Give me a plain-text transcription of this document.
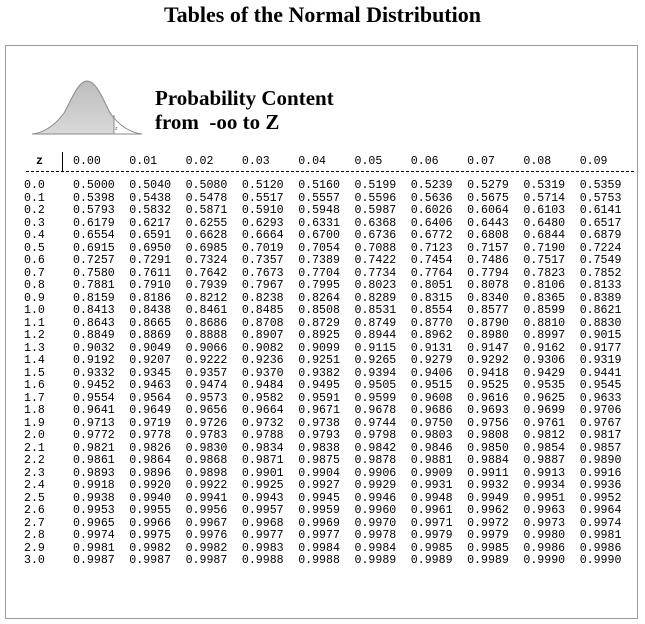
Tables of the Normal Distribution
z
Probability Content
from  -oo to Z

z	0.00 0.01 0.02 0.03 0.04 0.05 0.06 0.07 0.08 0.09
0.0 0.5000 0.5040 0.5080 0.5120 0.5160 0.5199 0.5239 0.5279 0.5319 0.5359
0.1 0.5398 0.5438 0.5478 0.5517 0.5557 0.5596 0.5636 0.5675 0.5714 0.5753
0.2 0.5793 0.5832 0.5871 0.5910 0.5948 0.5987 0.6026 0.6064 0.6103 0.6141
0.3 0.6179 0.6217 0.6255 0.6293 0.6331 0.6368 0.6406 0.6443 0.6480 0.6517
0.4 0.6554 0.6591 0.6628 0.6664 0.6700 0.6736 0.6772 0.6808 0.6844 0.6879
0.5 0.6915 0.6950 0.6985 0.7019 0.7054 0.7088 0.7123 0.7157 0.7190 0.7224
0.6 0.7257 0.7291 0.7324 0.7357 0.7389 0.7422 0.7454 0.7486 0.7517 0.7549
0.7 0.7580 0.7611 0.7642 0.7673 0.7704 0.7734 0.7764 0.7794 0.7823 0.7852
0.8 0.7881 0.7910 0.7939 0.7967 0.7995 0.8023 0.8051 0.8078 0.8106 0.8133
0.9 0.8159 0.8186 0.8212 0.8238 0.8264 0.8289 0.8315 0.8340 0.8365 0.8389
1.0 0.8413 0.8438 0.8461 0.8485 0.8508 0.8531 0.8554 0.8577 0.8599 0.8621
1.1 0.8643 0.8665 0.8686 0.8708 0.8729 0.8749 0.8770 0.8790 0.8810 0.8830
1.2 0.8849 0.8869 0.8888 0.8907 0.8925 0.8944 0.8962 0.8980 0.8997 0.9015
1.3 0.9032 0.9049 0.9066 0.9082 0.9099 0.9115 0.9131 0.9147 0.9162 0.9177
1.4 0.9192 0.9207 0.9222 0.9236 0.9251 0.9265 0.9279 0.9292 0.9306 0.9319
1.5 0.9332 0.9345 0.9357 0.9370 0.9382 0.9394 0.9406 0.9418 0.9429 0.9441
1.6 0.9452 0.9463 0.9474 0.9484 0.9495 0.9505 0.9515 0.9525 0.9535 0.9545
1.7 0.9554 0.9564 0.9573 0.9582 0.9591 0.9599 0.9608 0.9616 0.9625 0.9633
1.8 0.9641 0.9649 0.9656 0.9664 0.9671 0.9678 0.9686 0.9693 0.9699 0.9706
1.9 0.9713 0.9719 0.9726 0.9732 0.9738 0.9744 0.9750 0.9756 0.9761 0.9767
2.0 0.9772 0.9778 0.9783 0.9788 0.9793 0.9798 0.9803 0.9808 0.9812 0.9817
2.1 0.9821 0.9826 0.9830 0.9834 0.9838 0.9842 0.9846 0.9850 0.9854 0.9857
2.2 0.9861 0.9864 0.9868 0.9871 0.9875 0.9878 0.9881 0.9884 0.9887 0.9890
2.3 0.9893 0.9896 0.9898 0.9901 0.9904 0.9906 0.9909 0.9911 0.9913 0.9916
2.4 0.9918 0.9920 0.9922 0.9925 0.9927 0.9929 0.9931 0.9932 0.9934 0.9936
2.5 0.9938 0.9940 0.9941 0.9943 0.9945 0.9946 0.9948 0.9949 0.9951 0.9952
2.6 0.9953 0.9955 0.9956 0.9957 0.9959 0.9960 0.9961 0.9962 0.9963 0.9964
2.7 0.9965 0.9966 0.9967 0.9968 0.9969 0.9970 0.9971 0.9972 0.9973 0.9974
2.8 0.9974 0.9975 0.9976 0.9977 0.9977 0.9978 0.9979 0.9979 0.9980 0.9981
2.9 0.9981 0.9982 0.9982 0.9983 0.9984 0.9984 0.9985 0.9985 0.9986 0.9986
3.0 0.9987 0.9987 0.9987 0.9988 0.9988 0.9989 0.9989 0.9989 0.9990 0.9990
